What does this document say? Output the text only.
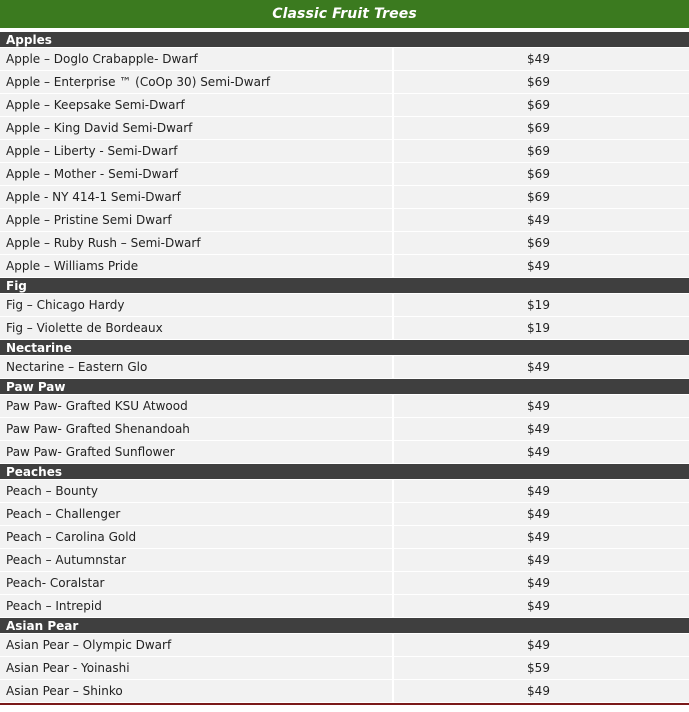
Classic Fruit Trees
Apples
Apple – Doglo Crabapple- Dwarf	$49
Apple – Enterprise ™ (CoOp 30) Semi-Dwarf	$69
Apple – Keepsake Semi-Dwarf	$69
Apple – King David Semi-Dwarf	$69
Apple – Liberty - Semi-Dwarf	$69
Apple – Mother - Semi-Dwarf	$69
Apple - NY 414-1 Semi-Dwarf	$69
Apple – Pristine Semi Dwarf	$49
Apple – Ruby Rush – Semi-Dwarf	$69
Apple – Williams Pride	$49
Fig
Fig – Chicago Hardy	$19
Fig – Violette de Bordeaux	$19
Nectarine
Nectarine – Eastern Glo	$49
Paw Paw
Paw Paw- Grafted KSU Atwood	$49
Paw Paw- Grafted Shenandoah	$49
Paw Paw- Grafted Sunflower	$49
Peaches
Peach – Bounty	$49
Peach – Challenger	$49
Peach – Carolina Gold	$49
Peach – Autumnstar	$49
Peach- Coralstar	$49
Peach – Intrepid	$49
Asian Pear
Asian Pear – Olympic Dwarf	$49
Asian Pear - Yoinashi	$59
Asian Pear – Shinko	$49
